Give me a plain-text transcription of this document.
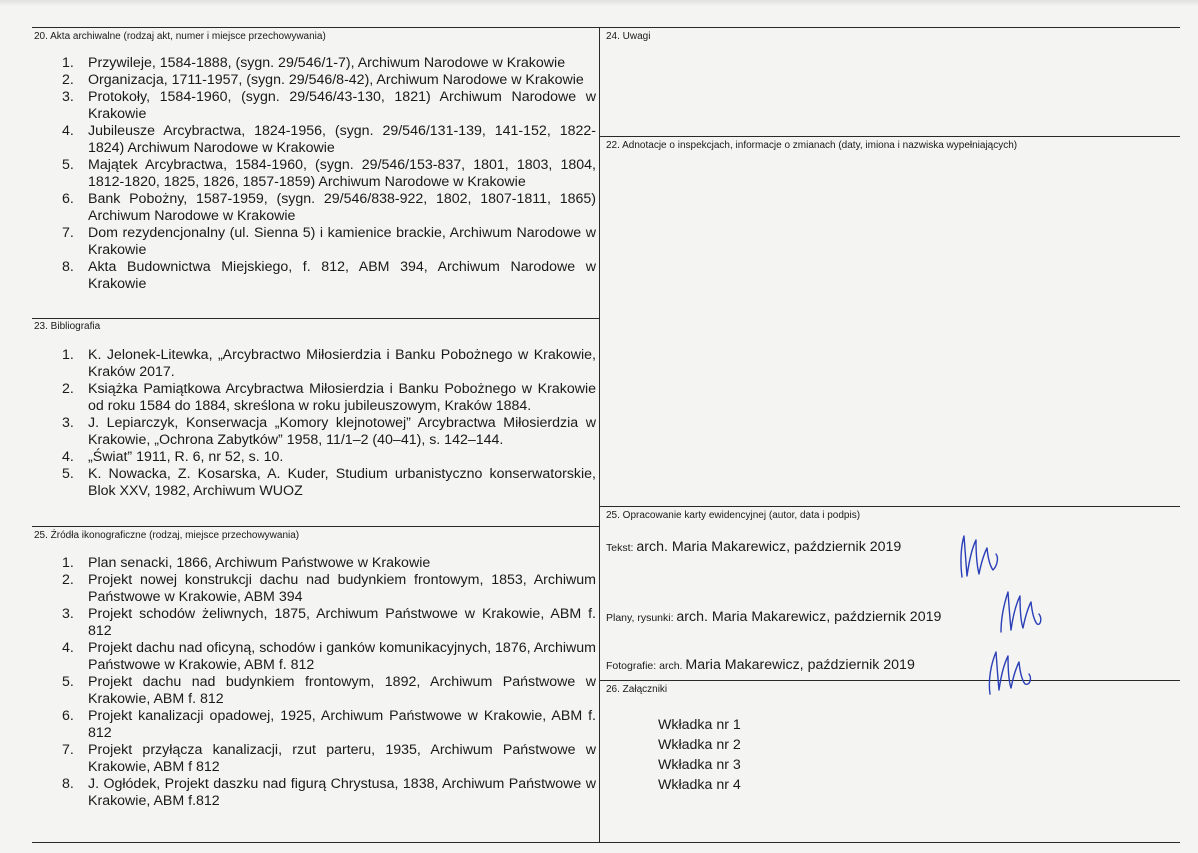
20. Akta archiwalne (rodzaj akt, numer i miejsce przechowywania)
1. Przywileje, 1584-1888, (sygn. 29/546/1-7), Archiwum Narodowe w Krakowie
2. Organizacja, 1711-1957, (sygn. 29/546/8-42), Archiwum Narodowe w Krakowie
3. Protokoły, 1584-1960, (sygn. 29/546/43-130, 1821) Archiwum Narodowe w Krakowie
4. Jubileusze Arcybractwa, 1824-1956, (sygn. 29/546/131-139, 141-152, 1822-1824) Archiwum Narodowe w Krakowie
5. Majątek Arcybractwa, 1584-1960, (sygn. 29/546/153-837, 1801, 1803, 1804, 1812-1820, 1825, 1826, 1857-1859) Archiwum Narodowe w Krakowie
6. Bank Pobożny, 1587-1959, (sygn. 29/546/838-922, 1802, 1807-1811, 1865) Archiwum Narodowe w Krakowie
7. Dom rezydencjonalny (ul. Sienna 5) i kamienice brackie, Archiwum Narodowe w Krakowie
8. Akta Budownictwa Miejskiego, f. 812, ABM 394, Archiwum Narodowe w Krakowie
23. Bibliografia
1. K. Jelonek-Litewka, „Arcybractwo Miłosierdzia i Banku Pobożnego w Krakowie, Kraków 2017.
2. Książka Pamiątkowa Arcybractwa Miłosierdzia i Banku Pobożnego w Krakowie od roku 1584 do 1884, skreślona w roku jubileuszowym, Kraków 1884.
3. J. Lepiarczyk, Konserwacja „Komory klejnotowej” Arcybractwa Miłosierdzia w Krakowie, „Ochrona Zabytków” 1958, 11/1–2 (40–41), s. 142–144.
4. „Świat” 1911, R. 6, nr 52, s. 10.
5. K. Nowacka, Z. Kosarska, A. Kuder, Studium urbanistyczno konserwatorskie, Blok XXV, 1982, Archiwum WUOZ
25. Źródła ikonograficzne (rodzaj, miejsce przechowywania)
1. Plan senacki, 1866, Archiwum Państwowe w Krakowie
2. Projekt nowej konstrukcji dachu nad budynkiem frontowym, 1853, Archiwum Państwowe w Krakowie, ABM 394
3. Projekt schodów żeliwnych, 1875, Archiwum Państwowe w Krakowie, ABM f. 812
4. Projekt dachu nad oficyną, schodów i ganków komunikacyjnych, 1876, Archiwum Państwowe w Krakowie, ABM f. 812
5. Projekt dachu nad budynkiem frontowym, 1892, Archiwum Państwowe w Krakowie, ABM f. 812
6. Projekt kanalizacji opadowej, 1925, Archiwum Państwowe w Krakowie, ABM f. 812
7. Projekt przyłącza kanalizacji, rzut parteru, 1935, Archiwum Państwowe w Krakowie, ABM f 812
8. J. Ogłódek, Projekt daszku nad figurą Chrystusa, 1838, Archiwum Państwowe w Krakowie, ABM f.812
24. Uwagi
22. Adnotacje o inspekcjach, informacje o zmianach (daty, imiona i nazwiska wypełniających)
25. Opracowanie karty ewidencyjnej (autor, data i podpis)
Tekst: arch. Maria Makarewicz, październik 2019
Plany, rysunki: arch. Maria Makarewicz, październik 2019
Fotografie: arch. Maria Makarewicz, październik 2019
26. Załączniki
Wkładka nr 1
Wkładka nr 2
Wkładka nr 3
Wkładka nr 4
